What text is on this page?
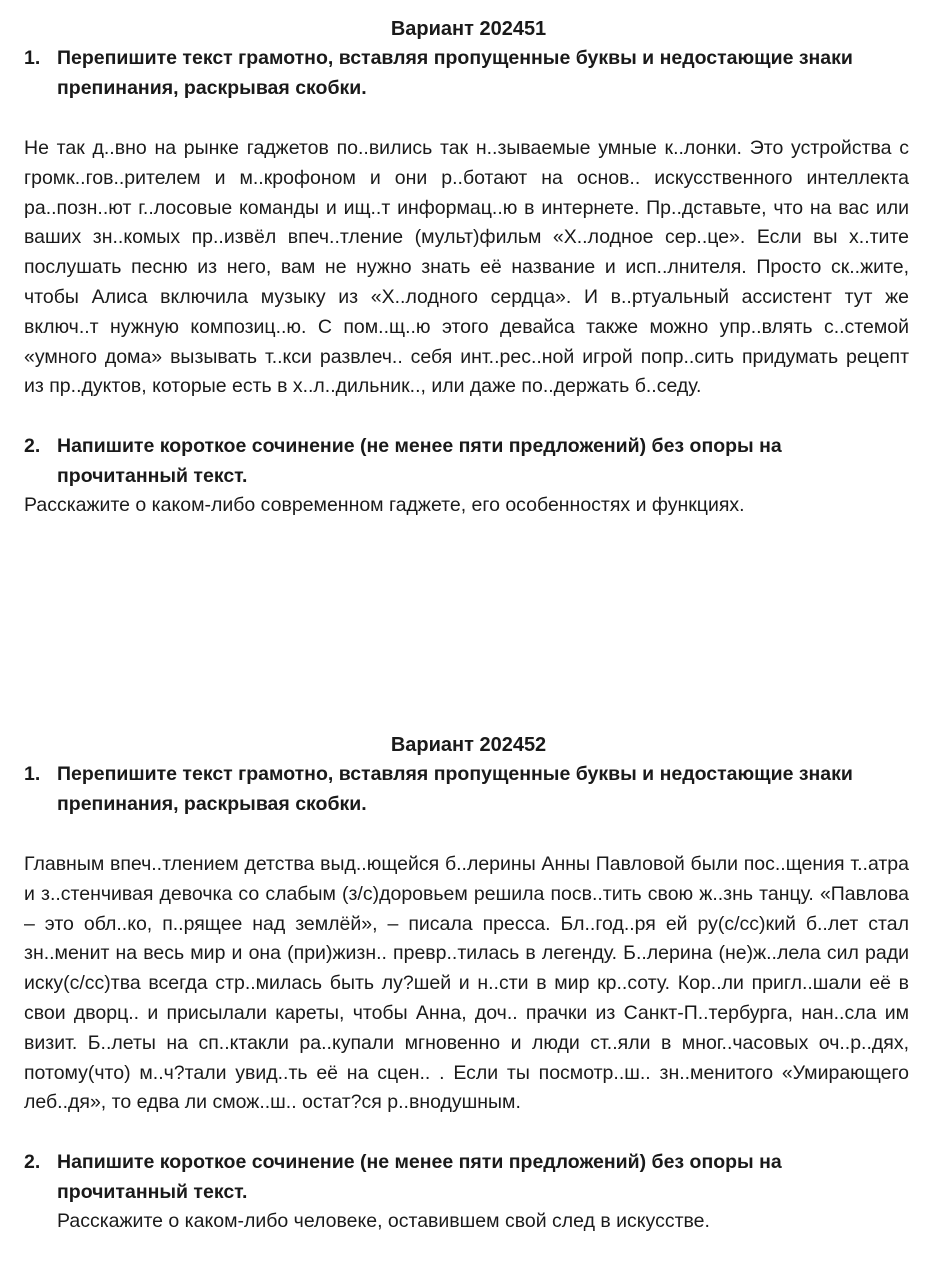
Вариант 202451
1. Перепишите текст грамотно, вставляя пропущенные буквы и недостающие знаки препинания, раскрывая скобки.

Не так д..вно на рынке гаджетов по..вились так н..зываемые умные к..лонки. Это устройства с громк..гов..рителем и м..крофоном и они р..ботают на основ.. искусственного интеллекта ра..позн..ют г..лосовые команды и ищ..т информац..ю в интернете. Пр..дставьте, что на вас или ваших зн..комых пр..извёл впеч..тление (мульт)фильм «Х..лодное сер..це». Если вы х..тите послушать песню из него, вам не нужно знать её название и исп..лнителя. Просто ск..жите, чтобы Алиса включила музыку из «Х..лодного сердца». И в..ртуальный ассистент тут же включ..т нужную композиц..ю. С пом..щ..ю этого девайса также можно упр..влять с..стемой «умного дома» вызывать т..кси развлеч.. себя инт..рес..ной игрой попр..сить придумать рецепт из пр..дуктов, которые есть в х..л..дильник.., или даже по..держать б..седу.

2. Напишите короткое сочинение (не менее пяти предложений) без опоры на прочитанный текст.
Расскажите о каком-либо современном гаджете, его особенностях и функциях.
Вариант 202452
1. Перепишите текст грамотно, вставляя пропущенные буквы и недостающие знаки препинания, раскрывая скобки.

Главным впеч..тлением детства выд..ющейся б..лерины Анны Павловой были пос..щения т..атра и з..стенчивая девочка со слабым (з/с)доровьем решила посв..тить свою ж..знь танцу. «Павлова – это обл..ко, п..рящее над землёй», – писала пресса. Бл..год..ря ей ру(с/сс)кий б..лет стал зн..менит на весь мир и она (при)жизн.. превр..тилась в легенду. Б..лерина (не)ж..лела сил ради иску(с/сс)тва всегда стр..милась быть лу?шей и н..сти в мир кр..соту. Кор..ли пригл..шали её в свои дворц.. и присылали кареты, чтобы Анна, доч.. прачки из Санкт-П..тербурга, нан..сла им визит. Б..леты на сп..ктакли ра..купали мгновенно и люди ст..яли в мног..часовых оч..р..дях, потому(что) м..ч?тали увид..ть её на сцен.. . Если ты посмотр..ш.. зн..менитого «Умирающего леб..дя», то едва ли смож..ш.. остат?ся р..внодушным.

2. Напишите короткое сочинение (не менее пяти предложений) без опоры на прочитанный текст.
Расскажите о каком-либо человеке, оставившем свой след в искусстве.
